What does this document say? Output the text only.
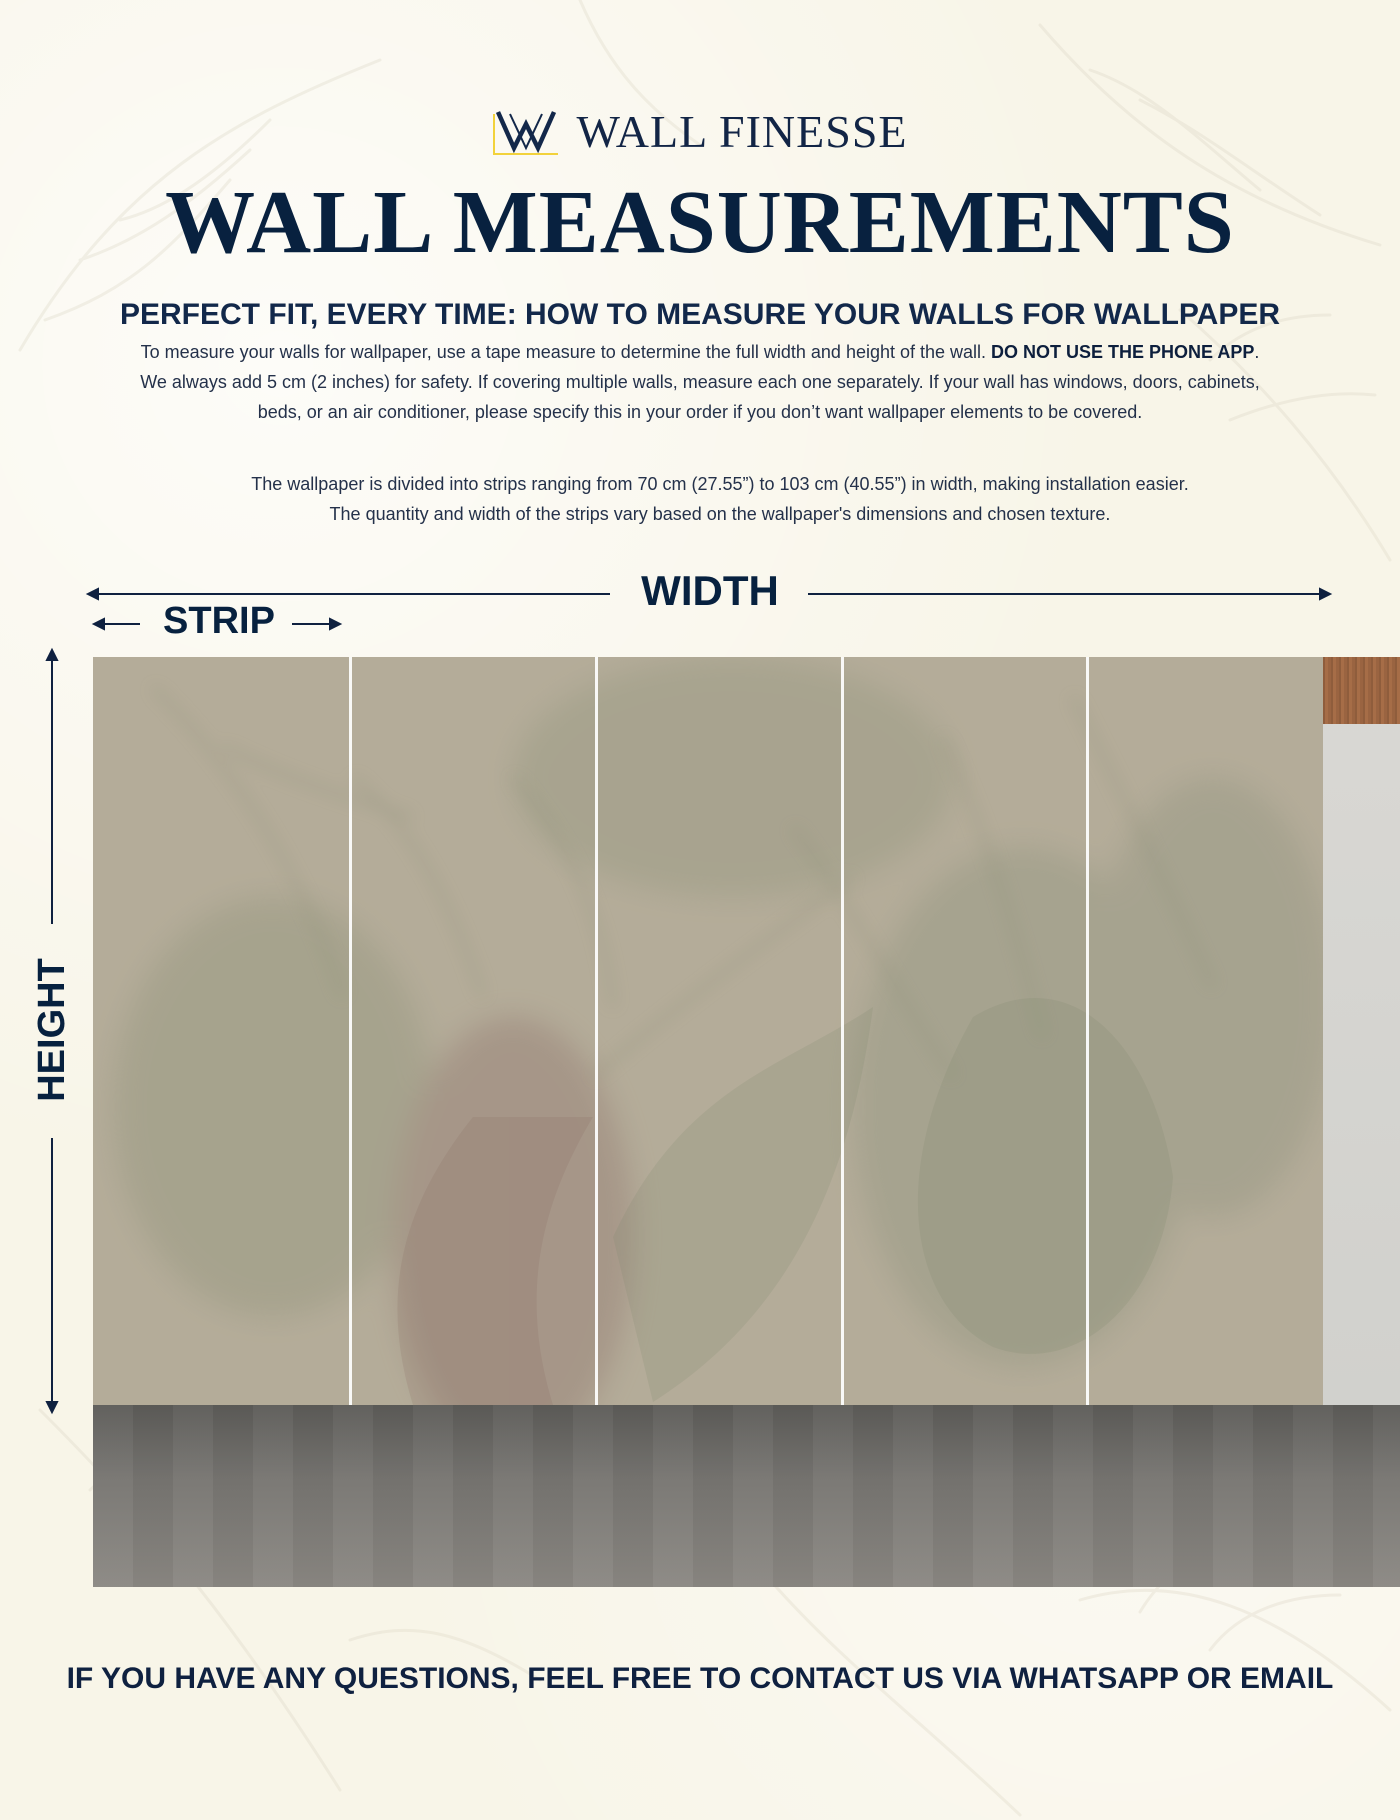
WALL FINESSE
WALL MEASUREMENTS
PERFECT FIT, EVERY TIME: HOW TO MEASURE YOUR WALLS FOR WALLPAPER
To measure your walls for wallpaper, use a tape measure to determine the full width and height of the wall. DO NOT USE THE PHONE APP.
We always add 5 cm (2 inches) for safety. If covering multiple walls, measure each one separately. If your wall has windows, doors, cabinets,
beds, or an air conditioner, please specify this in your order if you don’t want wallpaper elements to be covered.
The wallpaper is divided into strips ranging from 70 cm (27.55”) to 103 cm (40.55”) in width, making installation easier.
The quantity and width of the strips vary based on the wallpaper's dimensions and chosen texture.
WIDTH
STRIP
HEIGHT
IF YOU HAVE ANY QUESTIONS, FEEL FREE TO CONTACT US VIA WHATSAPP OR EMAIL
